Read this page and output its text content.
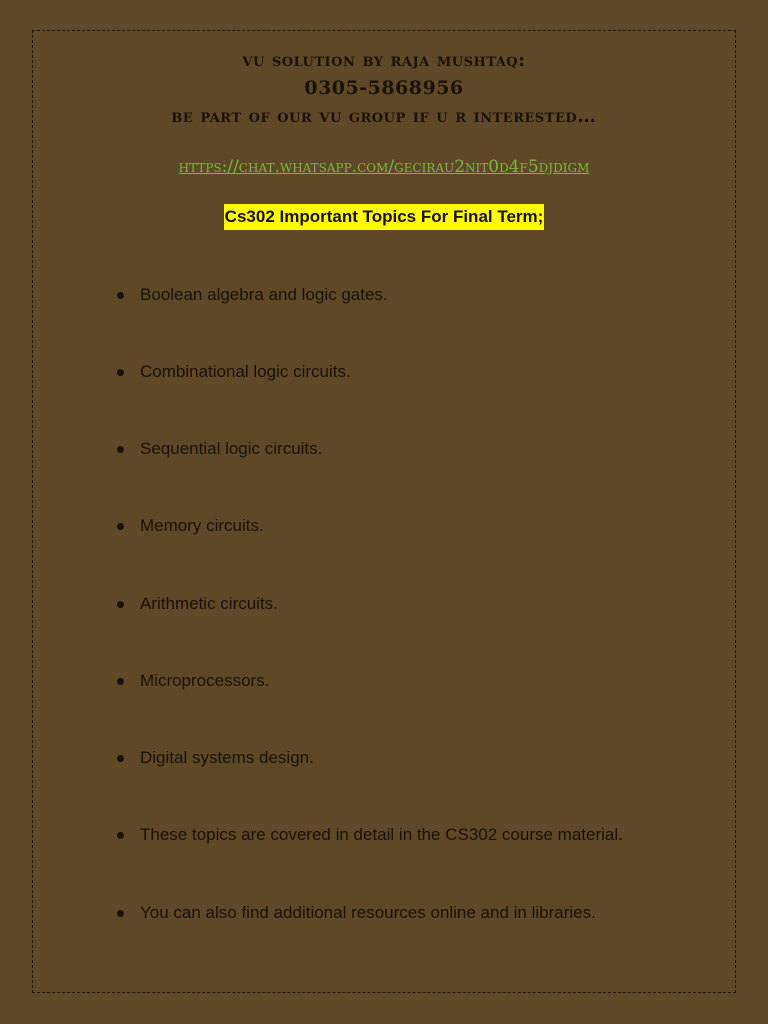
vu solution by raja mushtaq:
0305-5868956
be part of our vu group if u r interested…
https://chat.whatsapp.com/gecirau2nit0d4f5djdigm
Cs302 Important Topics For Final Term;
Boolean algebra and logic gates.
Combinational logic circuits.
Sequential logic circuits.
Memory circuits.
Arithmetic circuits.
Microprocessors.
Digital systems design.
These topics are covered in detail in the CS302 course material.
You can also find additional resources online and in libraries.
